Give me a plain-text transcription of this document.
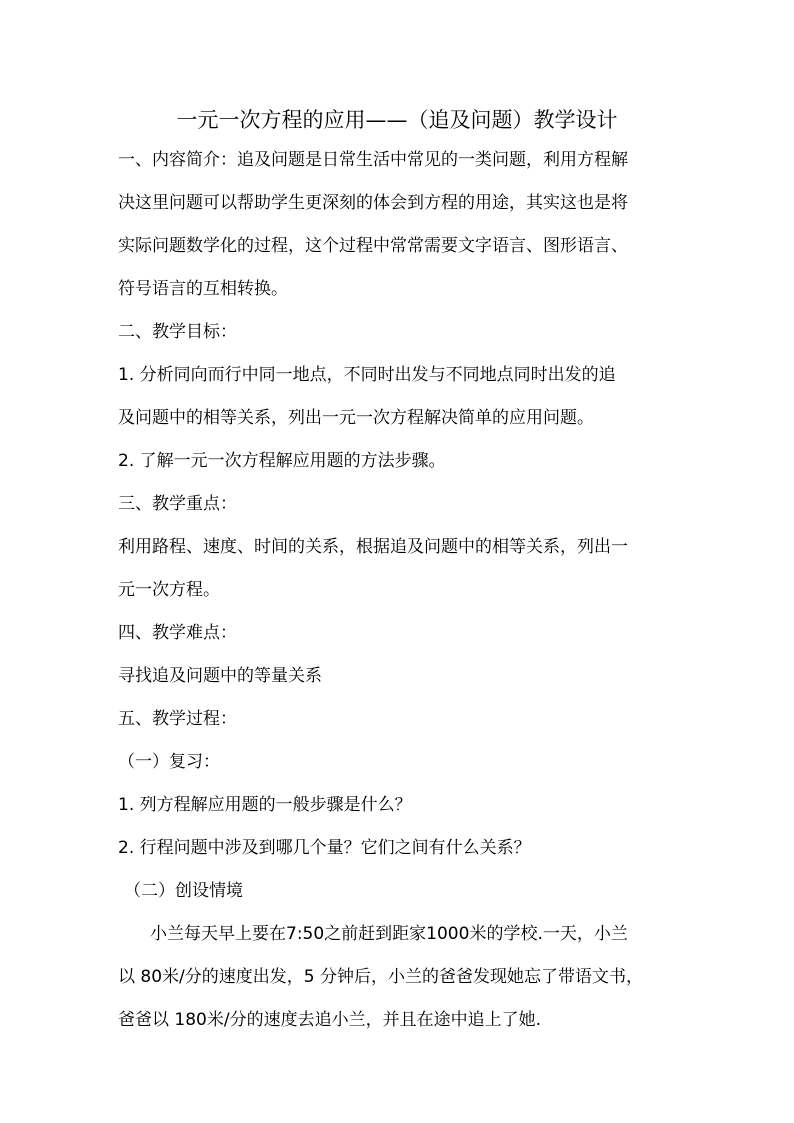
一元一次方程的应用——（追及问题）教学设计
一、内容简介：追及问题是日常生活中常见的一类问题，利用方程解
决这里问题可以帮助学生更深刻的体会到方程的用途，其实这也是将
实际问题数学化的过程，这个过程中常常需要文字语言、图形语言、
符号语言的互相转换。
二、教学目标：
1. 分析同向而行中同一地点，不同时出发与不同地点同时出发的追
及问题中的相等关系，列出一元一次方程解决简单的应用问题。
2. 了解一元一次方程解应用题的方法步骤。
三、教学重点：
利用路程、速度、时间的关系，根据追及问题中的相等关系，列出一
元一次方程。
四、教学难点：
寻找追及问题中的等量关系
五、教学过程：
（一）复习：
1. 列方程解应用题的一般步骤是什么？
2. 行程问题中涉及到哪几个量？它们之间有什么关系？
（二）创设情境
小兰每天早上要在7:50之前赶到距家1000米的学校.一天，小兰
以 80米/分的速度出发，5 分钟后，小兰的爸爸发现她忘了带语文书，
爸爸以 180米/分的速度去追小兰，并且在途中追上了她.
